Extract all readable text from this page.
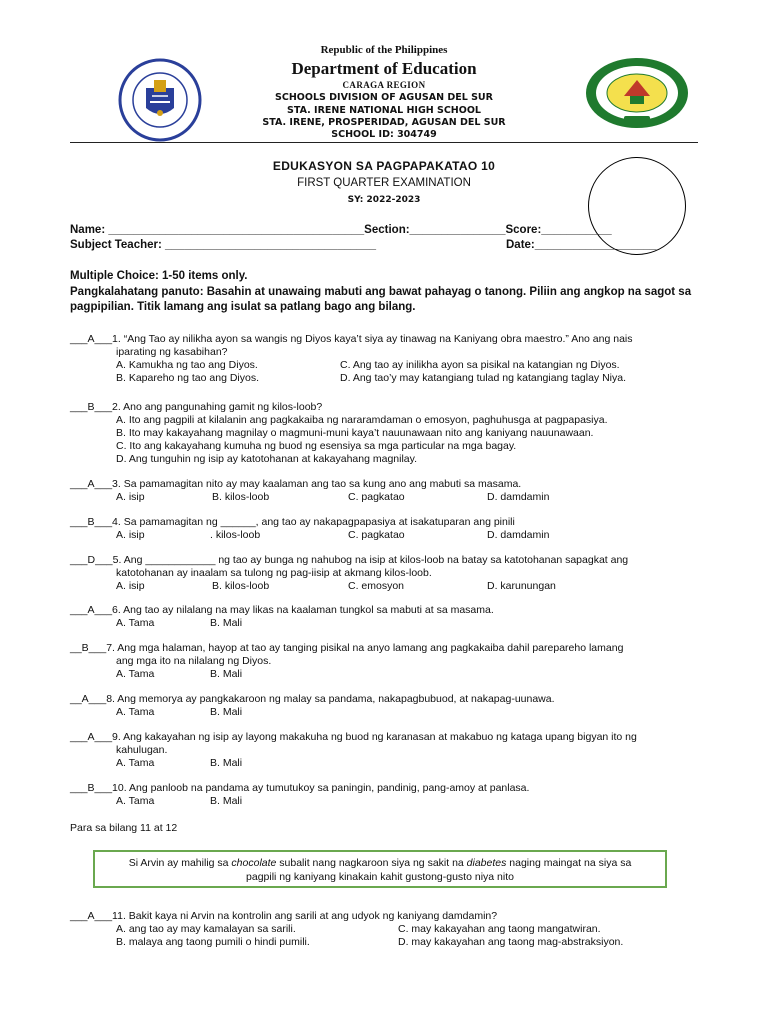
Republic of the Philippines
Department of Education
CARAGA REGION
SCHOOLS DIVISION OF AGUSAN DEL SUR
STA. IRENE NATIONAL HIGH SCHOOL
STA. IRENE, PROSPERIDAD, AGUSAN DEL SUR
SCHOOL ID: 304749
EDUKASYON SA PAGPAPAKATAO 10
FIRST QUARTER EXAMINATION
SY: 2022-2023
Name: ________________________________________Section:_______________Score:___________
Subject Teacher: _________________________________	Date:___________________
Multiple Choice: 1-50 items only.
Pangkalahatang panuto: Basahin at unawaing mabuti ang bawat pahayag o tanong. Piliin ang angkop na sagot sa pagpipilian. Titik lamang ang isulat sa patlang bago ang bilang.
___A___1. “Ang Tao ay nilikha ayon sa wangis ng Diyos kaya’t siya ay tinawag na Kaniyang obra maestro.” Ano ang nais
iparating ng kasabihan?
A. Kamukha ng tao ang Diyos.	C. Ang tao ay inilikha ayon sa pisikal na katangian ng Diyos.
B. Kapareho ng tao ang Diyos.	D. Ang tao’y may katangiang tulad ng katangiang taglay Niya.
___B___2. Ano ang pangunahing gamit ng kilos-loob?
A. Ito ang pagpili at kilalanin ang pagkakaiba ng nararamdaman o emosyon, paghuhusga at pagpapasiya.
B. Ito may kakayahang magnilay o magmuni-muni kaya’t nauunawaan nito ang kaniyang nauunawaan.
C. Ito ang kakayahang kumuha ng buod ng esensiya sa mga particular na mga bagay.
D. Ang tunguhin ng isip ay katotohanan at kakayahang magnilay.
___A___3. Sa pamamagitan nito ay may kaalaman ang tao sa kung ano ang mabuti sa masama.
A. isip	B. kilos-loob	C. pagkatao	D. damdamin
___B___4. Sa pamamagitan ng ______, ang tao ay nakapagpapasiya at isakatuparan ang pinili
A. isip	. kilos-loob	C. pagkatao	D. damdamin
___D___5. Ang ____________ ng tao ay bunga ng nahubog na isip at kilos-loob na batay sa katotohanan sapagkat ang
katotohanan ay inaalam sa tulong ng pag-iisip at akmang kilos-loob.
A. isip	B. kilos-loob	C. emosyon	D. karunungan
___A___6. Ang tao ay nilalang na may likas na kaalaman tungkol sa mabuti at sa masama.
A. Tama	B. Mali
__B___7. Ang mga halaman, hayop at tao ay tanging pisikal na anyo lamang ang pagkakaiba dahil parepareho lamang
ang mga ito na nilalang ng Diyos.
A. Tama	B. Mali
__A___8. Ang memorya ay pangkakaroon ng malay sa pandama, nakapagbubuod, at nakapag-uunawa.
A. Tama	B. Mali
___A___9. Ang kakayahan ng isip ay layong makakuha ng buod ng karanasan at makabuo ng kataga upang bigyan ito ng
kahulugan.
A. Tama	B. Mali
___B___10. Ang panloob na pandama ay tumutukoy sa paningin, pandinig, pang-amoy at panlasa.
A. Tama	B. Mali
Para sa bilang 11 at 12
Si Arvin ay mahilig sa chocolate subalit nang nagkaroon siya ng sakit na diabetes naging maingat na siya sa
pagpili ng kaniyang kinakain kahit gustong-gusto niya nito
___A___11. Bakit kaya ni Arvin na kontrolin ang sarili at ang udyok ng kaniyang damdamin?
A. ang tao ay may kamalayan sa sarili.	C. may kakayahan ang taong mangatwiran.
B. malaya ang taong pumili o hindi pumili.	D. may kakayahan ang taong mag-abstraksiyon.
